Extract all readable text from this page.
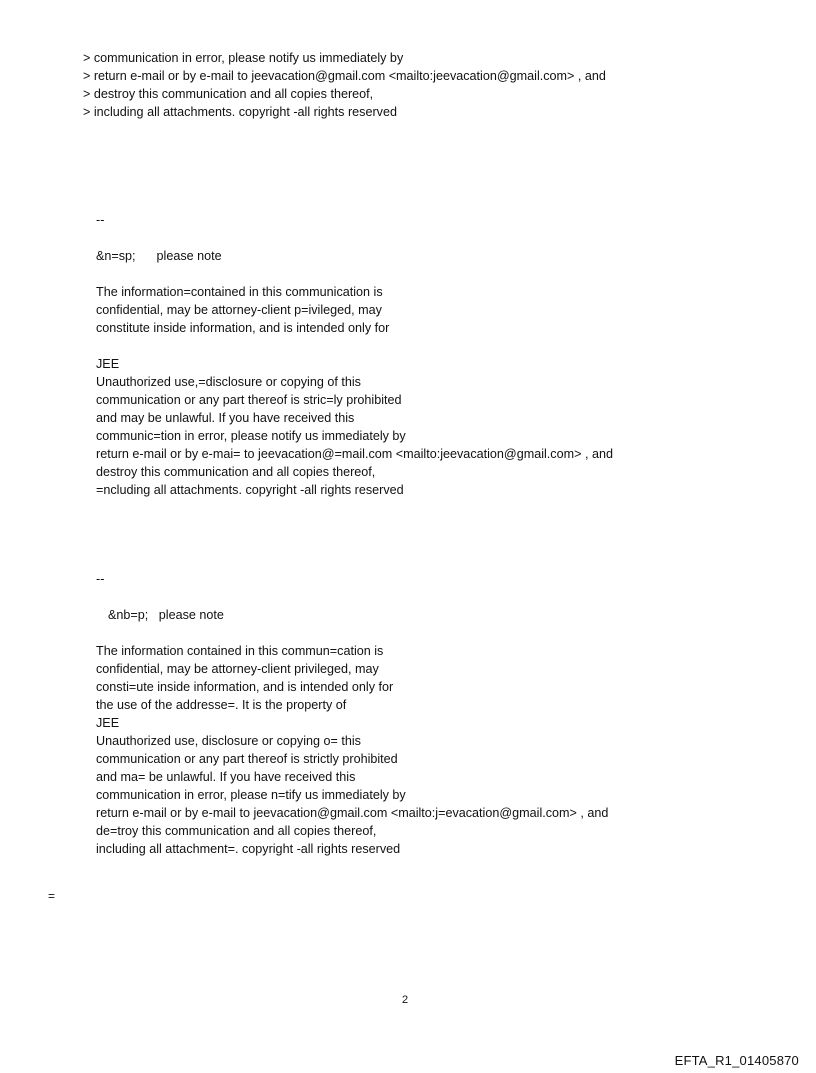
> communication in error, please notify us immediately by
> return e-mail or by e-mail to jeevacation@gmail.com <mailto:jeevacation@gmail.com> , and
> destroy this communication and all copies thereof,
> including all attachments. copyright -all rights reserved
--
&n=sp;      please note
The information=contained in this communication is
confidential, may be attorney-client p=ivileged, may
constitute inside information, and is intended only for
JEE
Unauthorized use,=disclosure or copying of this
communication or any part thereof is stric=ly prohibited
and may be unlawful. If you have received this
communic=tion in error, please notify us immediately by
return e-mail or by e-mai= to jeevacation@=mail.com <mailto:jeevacation@gmail.com> , and
destroy this communication and all copies thereof,
=ncluding all attachments. copyright -all rights reserved
--
&nb=p;   please note
The information contained in this commun=cation is
confidential, may be attorney-client privileged, may
consti=ute inside information, and is intended only for
the use of the addresse=. It is the property of
JEE
Unauthorized use, disclosure or copying o= this
communication or any part thereof is strictly prohibited
and ma= be unlawful. If you have received this
communication in error, please n=tify us immediately by
return e-mail or by e-mail to jeevacation@gmail.com <mailto:j=evacation@gmail.com> , and
de=troy this communication and all copies thereof,
including all attachment=. copyright -all rights reserved
=
2
EFTA_R1_01405870
